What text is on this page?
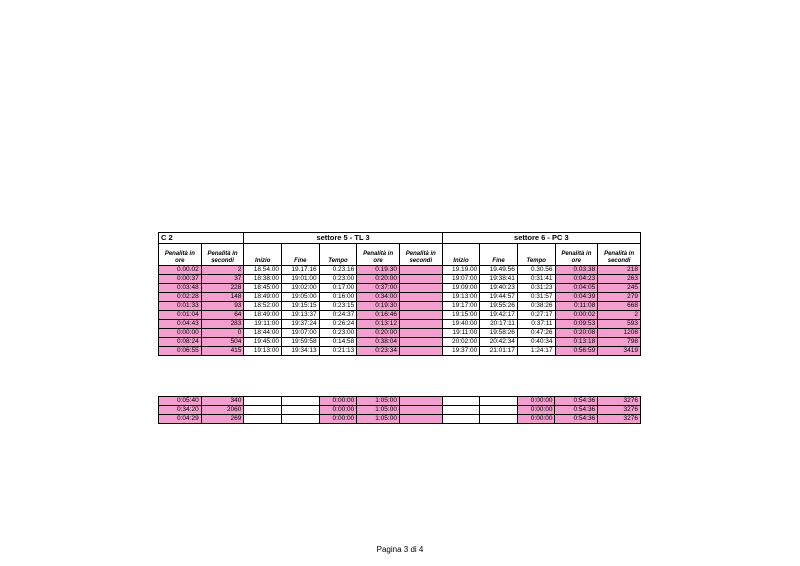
C 2		settore 5 - TL 3					settore 6 - PC 3				
Penalità in ore	Penalità in secondi	Inizio	Fine	Tempo	Penalità in ore	Penalità in secondi	Inizio	Fine	Tempo	Penalità in ore	Penalità in secondi
0.00.02	2	18.54.00	19.17.16	0.23.16	0.19.30		19.19.00	19.49.56	0.30.56	0.03.38	218
0:00:37	37	18:38:00	19:01:00	0:23:00	0:20:00		19:07:00	19:38:41	0:31:41	0:04:23	263
0:03:48	228	18:45:00	19:02:00	0:17:00	0:37:00		19:09:00	19:40:23	0:31:23	0:04:05	245
0:02:28	148	18:49:00	19:05:00	0:16:00	0:34:00		19:13:00	19:44:57	0:31:57	0:04:39	279
0:01:33	93	18:52:00	19:15:15	0:23:15	0:19:30		19:17:00	19:55:26	0:38:26	0:11:08	668
0:01:04	64	18:49:00	19:13:37	0:24:37	0:16:46		19:15:00	19:42:17	0:27:17	0:00:02	2
0:04:43	283	19:11:00	19:37:24	0:26:24	0:13:12		19:40:00	20:17:11	0:37:11	0:09:53	593
0:00:00	0	18:44:00	19:07:00	0:23:00	0:20:00		19:11:00	19:58:26	0:47:26	0:20:08	1208
0:08:24	504	19:45:00	19:59:58	0:14:58	0:38:04		20:02:00	20:42:34	0:40:34	0:13:18	798
0:06:55	415	19:13:00	19:34:13	0:21:13	0:23:34		19:37:00	21:01:17	1:24:17	0:56:59	3419
0:05:40	340			0:00:00	1:05:00				0:00:00	0:54:36	3276
0:34:20	2060			0:00:00	1:05:00				0:00:00	0:54:36	3276
0:04:29	269			0:00:00	1:05:00				0:00:00	0:54:36	3276
Pagina 3 di 4
